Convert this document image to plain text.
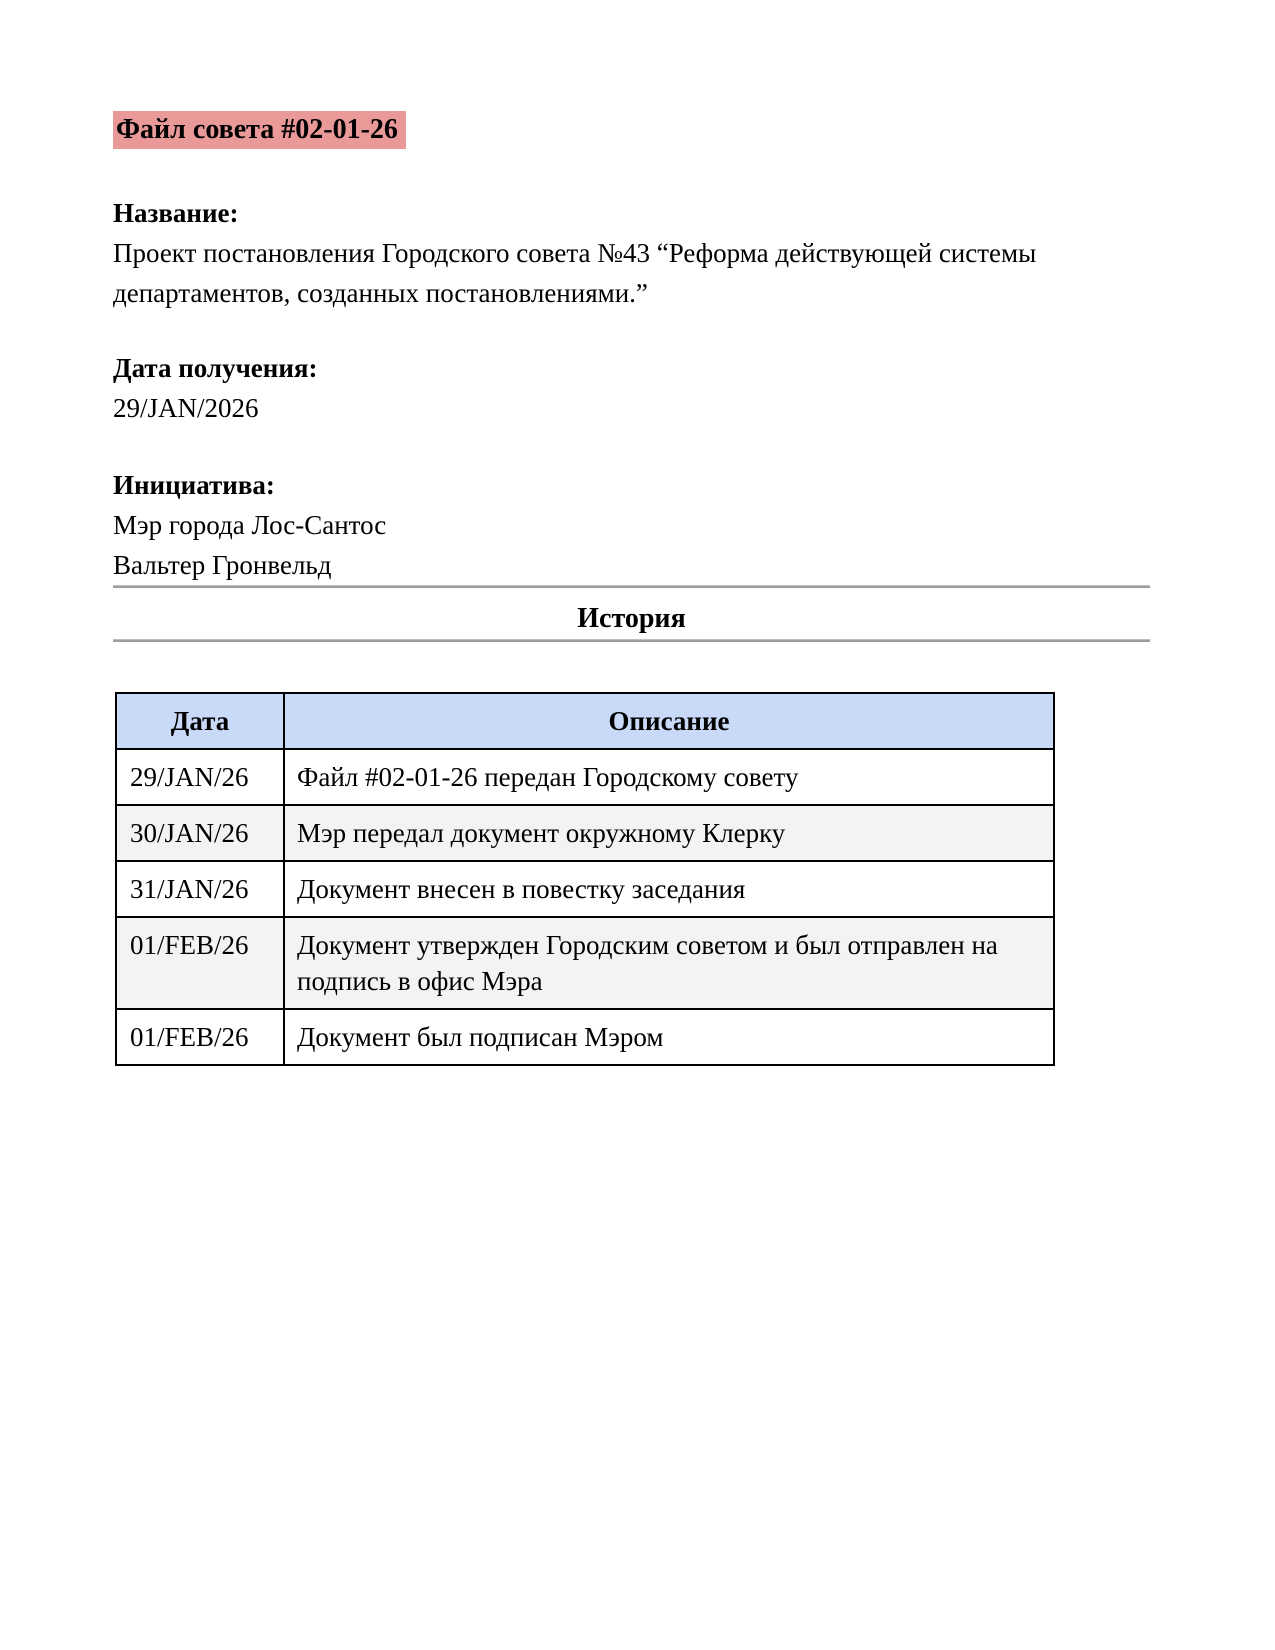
Файл совета #02-01-26
Название:
Проект постановления Городского совета №43 “Реформа действующей системы департаментов, созданных постановлениями.”
Дата получения:
29/JAN/2026
Инициатива:
Мэр города Лос-Сантос
Вальтер Гронвельд
История
Дата	Описание
29/JAN/26	Файл #02-01-26 передан Городскому совету
30/JAN/26	Мэр передал документ окружному Клерку
31/JAN/26	Документ внесен в повестку заседания
01/FEB/26	Документ утвержден Городским советом и был отправлен на подпись в офис Мэра
01/FEB/26	Документ был подписан Мэром
